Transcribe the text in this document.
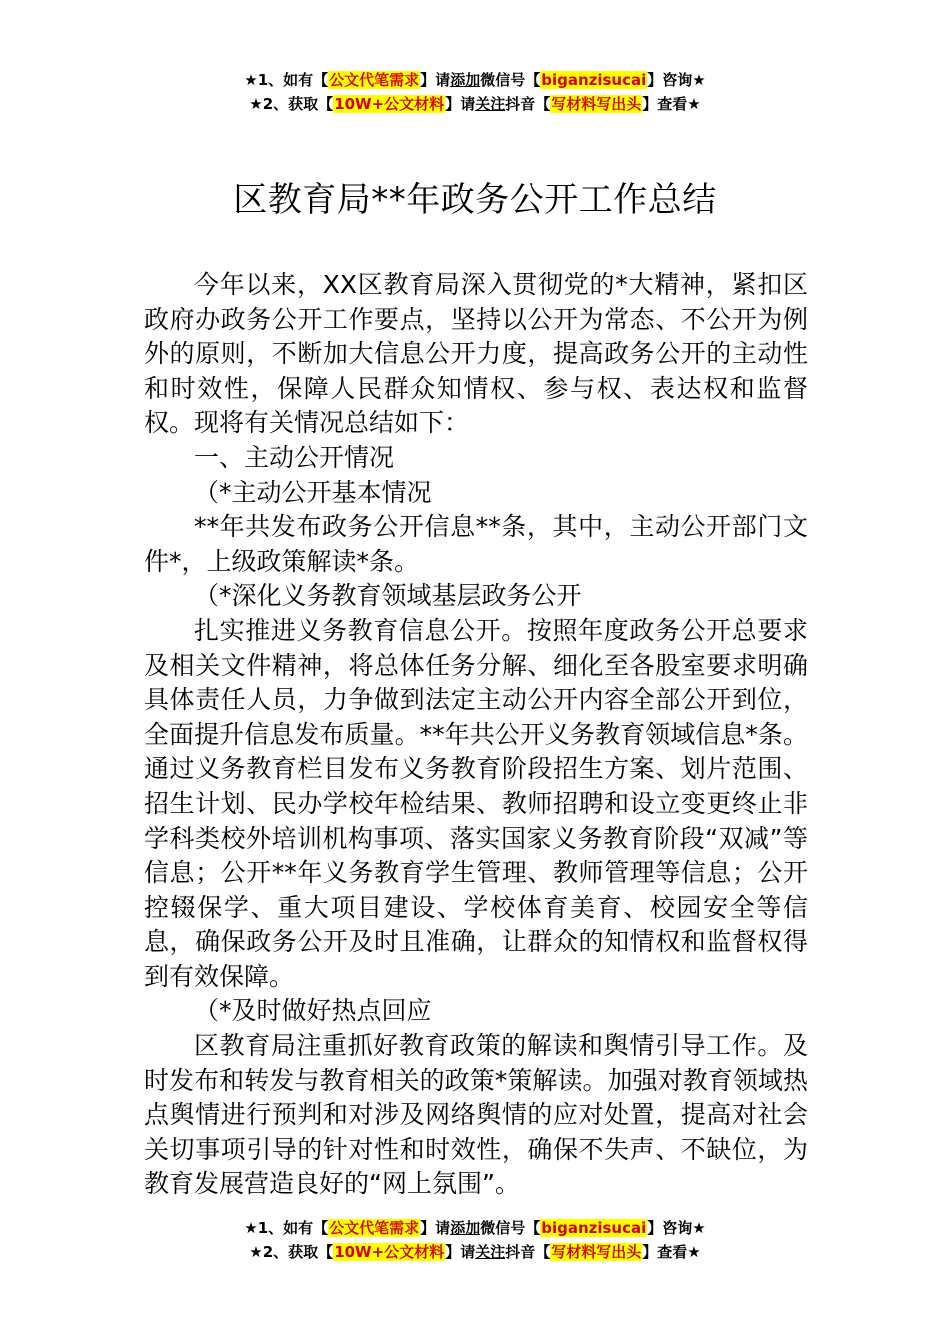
★1、如有【公文代笔需求】请添加微信号【biganzisucai】咨询★
★2、获取【10W+公文材料】请关注抖音【写材料写出头】查看★
区教育局**年政务公开工作总结

今年以来，XX区教育局深入贯彻党的*大精神，紧扣区政府办政务公开工作要点，坚持以公开为常态、不公开为例外的原则，不断加大信息公开力度，提高政务公开的主动性和时效性，保障人民群众知情权、参与权、表达权和监督权。现将有关情况总结如下：

一、主动公开情况

（*主动公开基本情况

**年共发布政务公开信息**条，其中，主动公开部门文件*，上级政策解读*条。

（*深化义务教育领域基层政务公开

扎实推进义务教育信息公开。按照年度政务公开总要求及相关文件精神，将总体任务分解、细化至各股室要求明确具体责任人员，力争做到法定主动公开内容全部公开到位，全面提升信息发布质量。**年共公开义务教育领域信息*条。通过义务教育栏目发布义务教育阶段招生方案、划片范围、招生计划、民办学校年检结果、教师招聘和设立变更终止非学科类校外培训机构事项、落实国家义务教育阶段“双减”等信息；公开**年义务教育学生管理、教师管理等信息；公开控辍保学、重大项目建设、学校体育美育、校园安全等信息，确保政务公开及时且准确，让群众的知情权和监督权得到有效保障。

（*及时做好热点回应

区教育局注重抓好教育政策的解读和舆情引导工作。及时发布和转发与教育相关的政策*策解读。加强对教育领域热点舆情进行预判和对涉及网络舆情的应对处置，提高对社会关切事项引导的针对性和时效性，确保不失声、不缺位，为教育发展营造良好的“网上氛围”。

★1、如有【公文代笔需求】请添加微信号【biganzisucai】咨询★
★2、获取【10W+公文材料】请关注抖音【写材料写出头】查看★
